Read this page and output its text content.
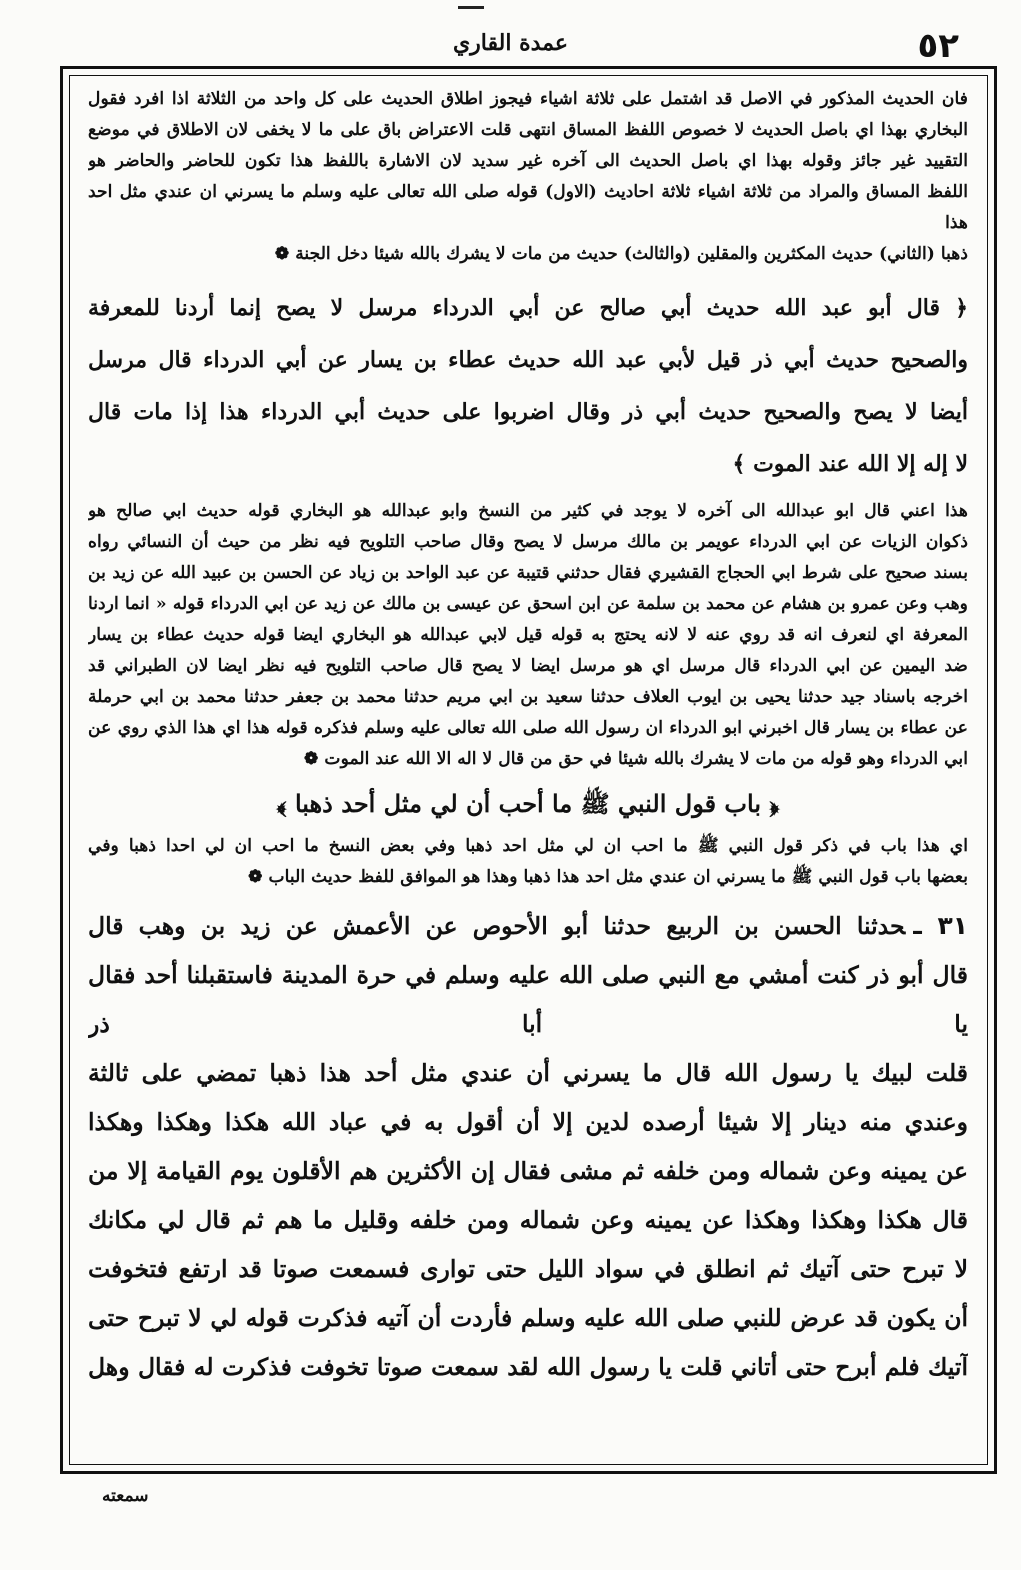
عمدة القاري	٥٢

فان الحديث المذكور في الاصل قد اشتمل على ثلاثة اشياء فيجوز اطلاق الحديث على كل واحد من الثلاثة اذا افرد فقول

البخاري بهذا اي باصل الحديث لا خصوص اللفظ المساق انتهى قلت الاعتراض باق على ما لا يخفى لان الاطلاق في موضع

التقييد غير جائز وقوله بهذا اي باصل الحديث الى آخره غير سديد لان الاشارة باللفظ هذا تكون للحاضر والحاضر هو

اللفظ المساق والمراد من ثلاثة اشياء ثلاثة احاديث (الاول) قوله صلى الله تعالى عليه وسلم ما يسرني ان عندي مثل احد هذا

ذهبا (الثاني) حديث المكثرين والمقلين (والثالث) حديث من مات لا يشرك بالله شيئا دخل الجنة ❁

﴿ قال أبو عبد الله حديث أبي صالح عن أبي الدرداء مرسل لا يصح إنما أردنا للمعرفة

والصحيح حديث أبي ذر قيل لأبي عبد الله حديث عطاء بن يسار عن أبي الدرداء قال مرسل

أيضا لا يصح والصحيح حديث أبي ذر وقال اضربوا على حديث أبي الدرداء هذا إذا مات قال

لا إله إلا الله عند الموت ﴾

هذا اعني قال ابو عبدالله الى آخره لا يوجد في كثير من النسخ وابو عبدالله هو البخاري قوله حديث ابي صالح هو

ذكوان الزيات عن ابي الدرداء عويمر بن مالك مرسل لا يصح وقال صاحب التلويح فيه نظر من حيث أن النسائي رواه

بسند صحيح على شرط ابي الحجاج القشيري فقال حدثني قتيبة عن عبد الواحد بن زياد عن الحسن بن عبيد الله عن زيد بن

وهب وعن عمرو بن هشام عن محمد بن سلمة عن ابن اسحق عن عيسى بن مالك عن زيد عن ابي الدرداء قوله « انما اردنا

المعرفة اي لنعرف انه قد روي عنه لا لانه يحتج به قوله قيل لابي عبدالله هو البخاري ايضا قوله حديث عطاء بن يسار

ضد اليمين عن ابي الدرداء قال مرسل اي هو مرسل ايضا لا يصح قال صاحب التلويح فيه نظر ايضا لان الطبراني قد

اخرجه باسناد جيد حدثنا يحيى بن ايوب العلاف حدثنا سعيد بن ابي مريم حدثنا محمد بن جعفر حدثنا محمد بن ابي حرملة

عن عطاء بن يسار قال اخبرني ابو الدرداء ان رسول الله صلى الله تعالى عليه وسلم فذكره قوله هذا اي هذا الذي روي عن

ابي الدرداء وهو قوله من مات لا يشرك بالله شيئا في حق من قال لا اله الا الله عند الموت ❁

﴿ باب قول النبي ﷺ ما أحب أن لي مثل أحد ذهبا ﴾

اي هذا باب في ذكر قول النبي ﷺ ما احب ان لي مثل احد ذهبا وفي بعض النسخ ما احب ان لي احدا ذهبا وفي

بعضها باب قول النبي ﷺ ما يسرني ان عندي مثل احد هذا ذهبا وهذا هو الموافق للفظ حديث الباب ❁

٣١ ـحدثنا الحسن بن الربيع حدثنا أبو الأحوص عن الأعمش عن زيد بن وهب قال

قال أبو ذر كنت أمشي مع النبي صلى الله عليه وسلم في حرة المدينة فاستقبلنا أحد فقال يا أبا ذر

قلت لبيك يا رسول الله قال ما يسرني أن عندي مثل أحد هذا ذهبا تمضي على ثالثة

وعندي منه دينار إلا شيئا أرصده لدين إلا أن أقول به في عباد الله هكذا وهكذا وهكذا

عن يمينه وعن شماله ومن خلفه ثم مشى فقال إن الأكثرين هم الأقلون يوم القيامة إلا من

قال هكذا وهكذا وهكذا عن يمينه وعن شماله ومن خلفه وقليل ما هم ثم قال لي مكانك

لا تبرح حتى آتيك ثم انطلق في سواد الليل حتى توارى فسمعت صوتا قد ارتفع فتخوفت

أن يكون قد عرض للنبي صلى الله عليه وسلم فأردت أن آتيه فذكرت قوله لي لا تبرح حتى

آتيك فلم أبرح حتى أتاني قلت يا رسول الله لقد سمعت صوتا تخوفت فذكرت له فقال وهل

سمعته
